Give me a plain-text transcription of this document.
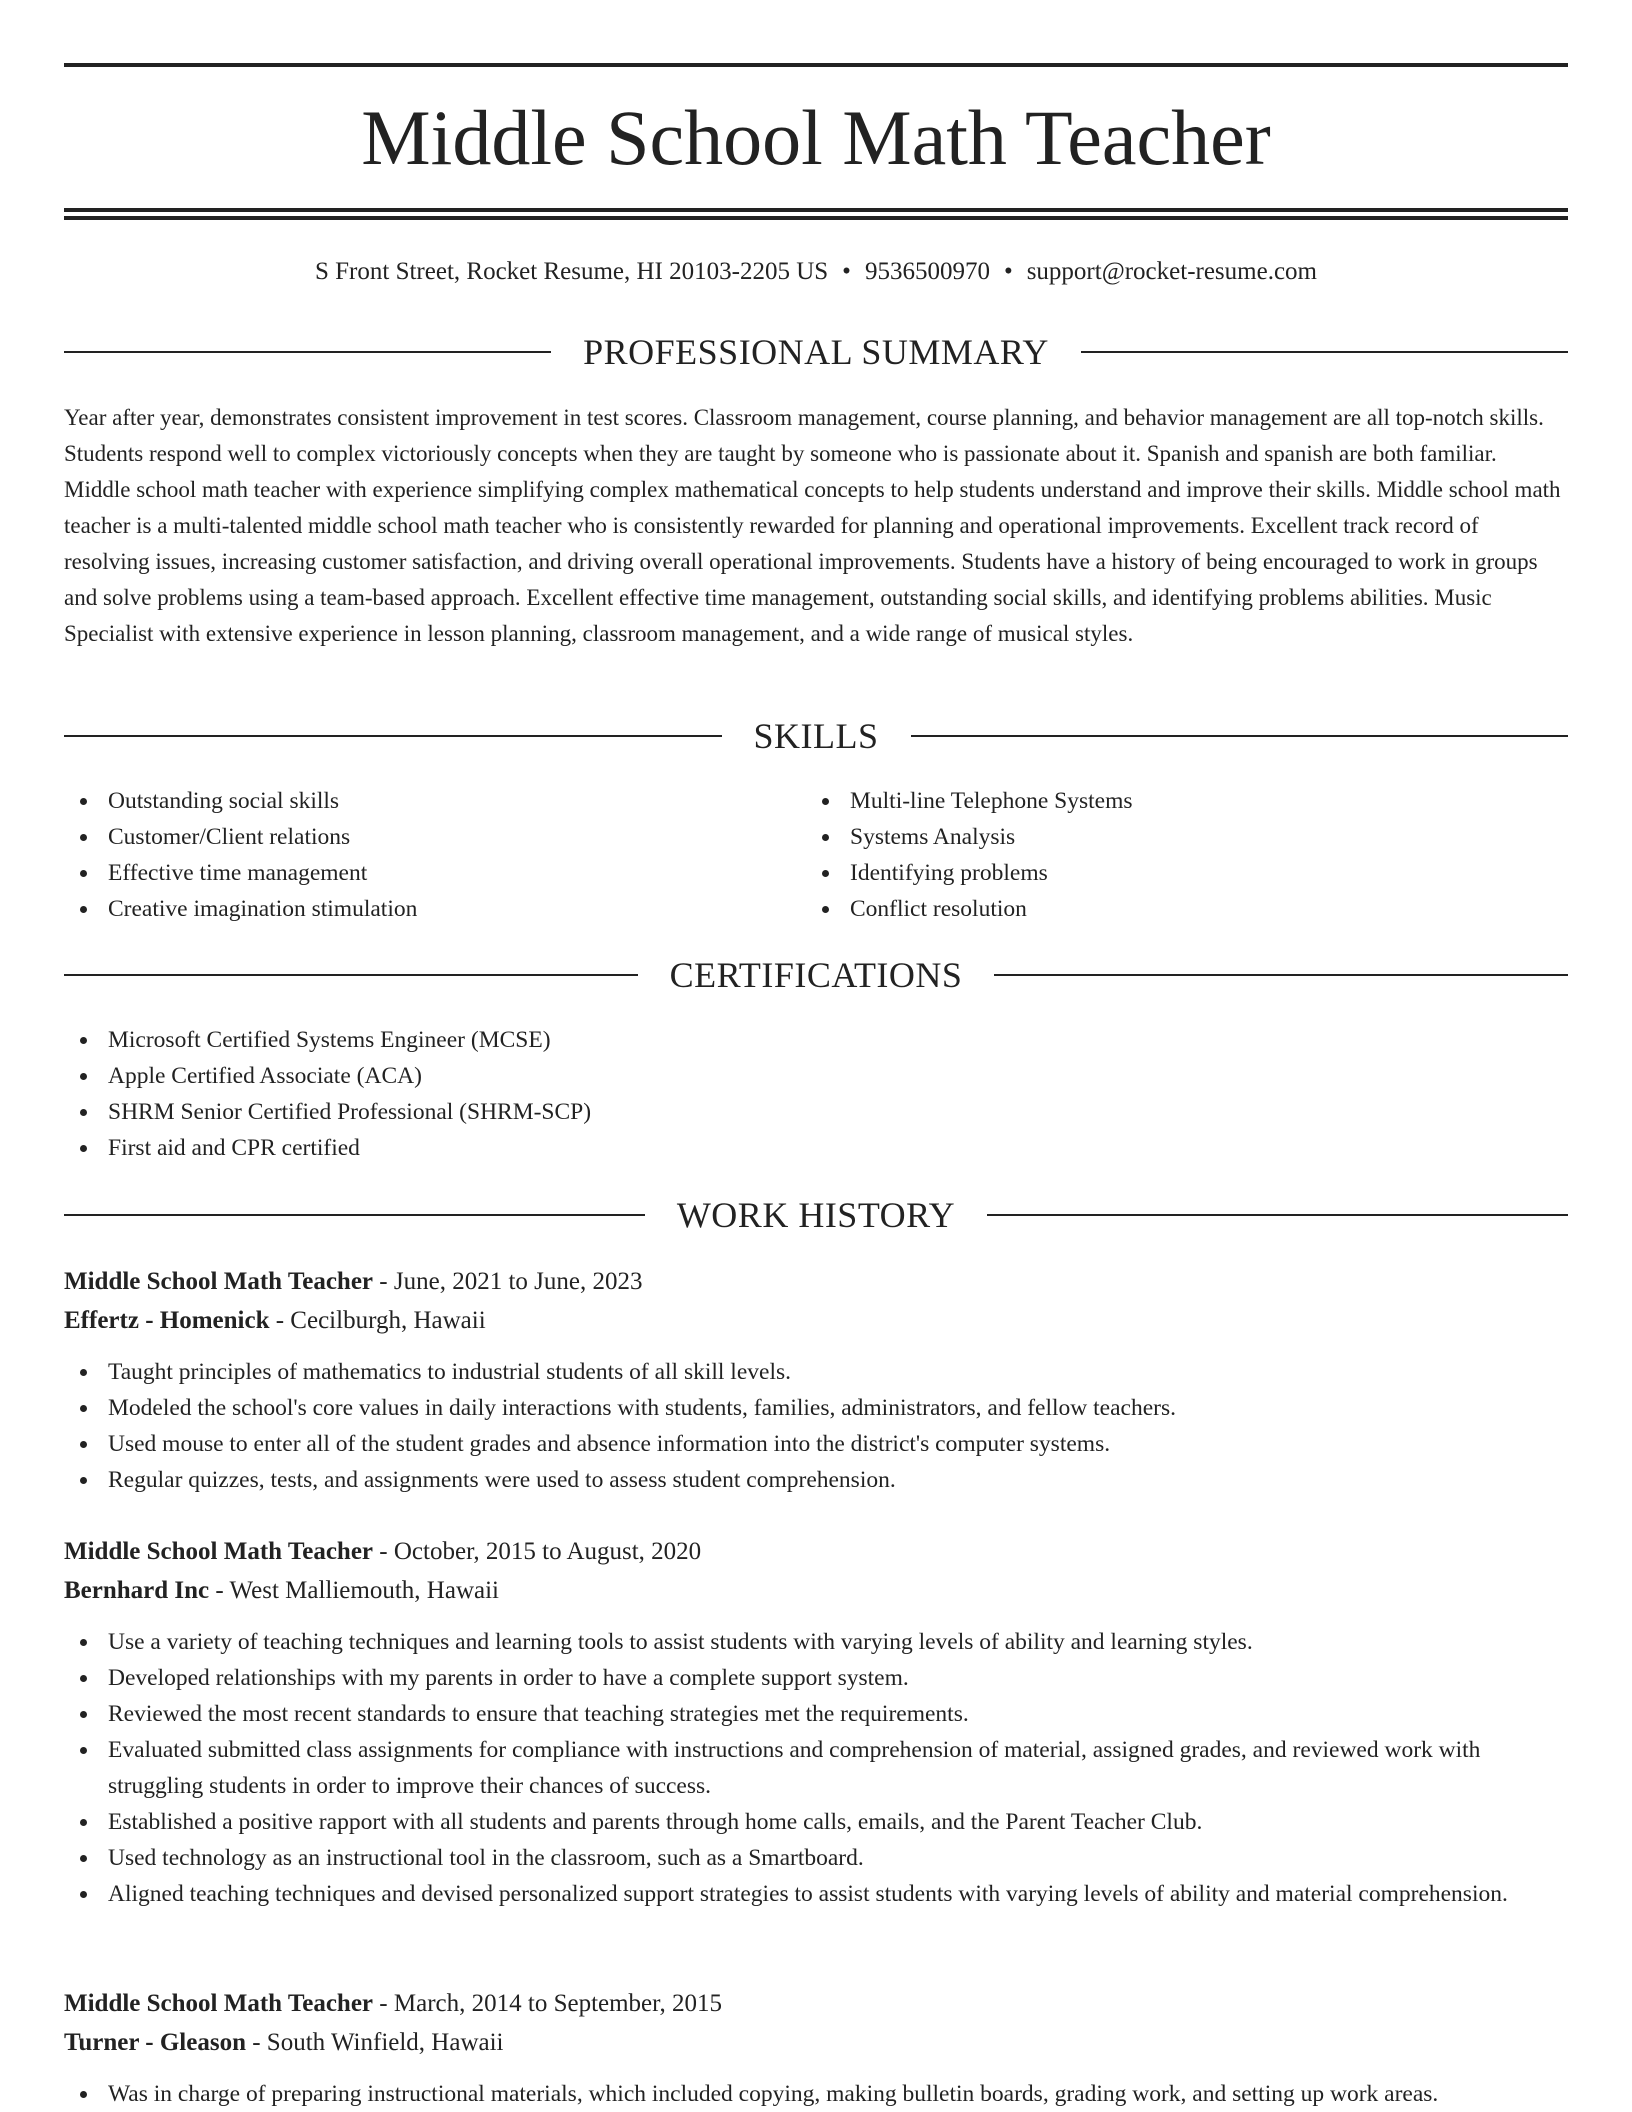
Middle School Math Teacher
S Front Street, Rocket Resume, HI 20103-2205 US • 9536500970 • support@rocket-resume.com
PROFESSIONAL SUMMARY

Year after year, demonstrates consistent improvement in test scores. Classroom management, course planning, and behavior management are all top-notch skills. Students respond well to complex victoriously concepts when they are taught by someone who is passionate about it. Spanish and spanish are both familiar. Middle school math teacher with experience simplifying complex mathematical concepts to help students understand and improve their skills. Middle school math teacher is a multi-talented middle school math teacher who is consistently rewarded for planning and operational improvements. Excellent track record of resolving issues, increasing customer satisfaction, and driving overall operational improvements. Students have a history of being encouraged to work in groups and solve problems using a team-based approach. Excellent effective time management, outstanding social skills, and identifying problems abilities. Music Specialist with extensive experience in lesson planning, classroom management, and a wide range of musical styles.

SKILLS
Outstanding social skills
Customer/Client relations
Effective time management
Creative imagination stimulation
Multi-line Telephone Systems
Systems Analysis
Identifying problems
Conflict resolution
CERTIFICATIONS
Microsoft Certified Systems Engineer (MCSE)
Apple Certified Associate (ACA)
SHRM Senior Certified Professional (SHRM-SCP)
First aid and CPR certified
WORK HISTORY
Middle School Math Teacher - June, 2021 to June, 2023
Effertz - Homenick - Cecilburgh, Hawaii
Taught principles of mathematics to industrial students of all skill levels.
Modeled the school's core values in daily interactions with students, families, administrators, and fellow teachers.
Used mouse to enter all of the student grades and absence information into the district's computer systems.
Regular quizzes, tests, and assignments were used to assess student comprehension.
Middle School Math Teacher - October, 2015 to August, 2020
Bernhard Inc - West Malliemouth, Hawaii
Use a variety of teaching techniques and learning tools to assist students with varying levels of ability and learning styles.
Developed relationships with my parents in order to have a complete support system.
Reviewed the most recent standards to ensure that teaching strategies met the requirements.
Evaluated submitted class assignments for compliance with instructions and comprehension of material, assigned grades, and reviewed work with struggling students in order to improve their chances of success.
Established a positive rapport with all students and parents through home calls, emails, and the Parent Teacher Club.
Used technology as an instructional tool in the classroom, such as a Smartboard.
Aligned teaching techniques and devised personalized support strategies to assist students with varying levels of ability and material comprehension.
Middle School Math Teacher - March, 2014 to September, 2015
Turner - Gleason - South Winfield, Hawaii
Was in charge of preparing instructional materials, which included copying, making bulletin boards, grading work, and setting up work areas.
